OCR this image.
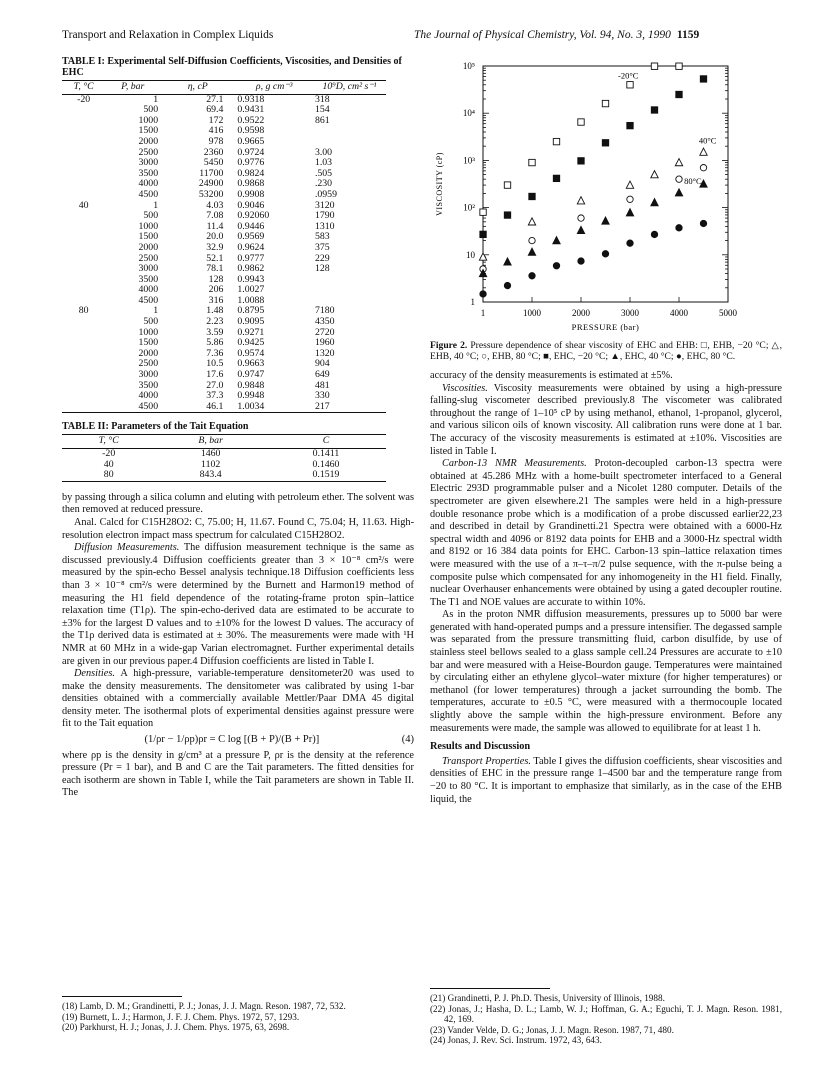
Transport and Relaxation in Complex Liquids	The Journal of Physical Chemistry, Vol. 94, No. 3, 1990 1159
TABLE I: Experimental Self-Diffusion Coefficients, Viscosities, and Densities of EHC
T, °C	P, bar	η, cP	ρ, g cm⁻³	10⁹D, cm² s⁻¹
-20	1	27.1	0.9318	318
	500	69.4	0.9431	154
	1000	172	0.9522	861
	1500	416	0.9598	
	2000	978	0.9665	
	2500	2360	0.9724	3.00
	3000	5450	0.9776	1.03
	3500	11700	0.9824	.505
	4000	24900	0.9868	.230
	4500	53200	0.9908	.0959
40	1	4.03	0.9046	3120
	500	7.08	0.92060	1790
	1000	11.4	0.9446	1310
	1500	20.0	0.9569	583
	2000	32.9	0.9624	375
	2500	52.1	0.9777	229
	3000	78.1	0.9862	128
	3500	128	0.9943	
	4000	206	1.0027	
	4500	316	1.0088	
80	1	1.48	0.8795	7180
	500	2.23	0.9095	4350
	1000	3.59	0.9271	2720
	1500	5.86	0.9425	1960
	2000	7.36	0.9574	1320
	2500	10.5	0.9663	904
	3000	17.6	0.9747	649
	3500	27.0	0.9848	481
	4000	37.3	0.9948	330
	4500	46.1	1.0034	217
TABLE II: Parameters of the Tait Equation
T, °C	B, bar	C
-20	1460	0.1411
40	1102	0.1460
80	843.4	0.1519

by passing through a silica column and eluting with petroleum ether. The solvent was then removed at reduced pressure.

Anal. Calcd for C15H28O2: C, 75.00; H, 11.67. Found C, 75.04; H, 11.63. High-resolution electron impact mass spectrum for calculated C15H28O2.

Diffusion Measurements. The diffusion measurement technique is the same as discussed previously.4 Diffusion coefficients greater than 3 × 10⁻⁸ cm²/s were measured by the spin-echo Bessel analysis technique.18 Diffusion coefficients less than 3 × 10⁻⁸ cm²/s were determined by the Burnett and Harmon19 method of measuring the H1 field dependence of the rotating-frame proton spin–lattice relaxation time (T1ρ). The spin-echo-derived data are estimated to be accurate to ±3% for the largest D values and to ±10% for the lowest D values. The accuracy of the T1ρ derived data is estimated at ± 30%. The measurements were made with ¹H NMR at 60 MHz in a wide-gap Varian electromagnet. Further experimental details are given in our previous paper.4 Diffusion coefficients are listed in Table I.

Densities. A high-pressure, variable-temperature densitometer20 was used to make the density measurements. The densitometer was calibrated by using 1-bar densities obtained with a commercially available Mettler/Paar DMA 45 digital density meter. The isothermal plots of experimental densities against pressure were fit to the Tait equation

(1/ρr − 1/ρp)ρr = C log [(B + P)/(B + Pr)]	(4)

where ρp is the density in g/cm³ at a pressure P, ρr is the density at the reference pressure (Pr = 1 bar), and B and C are the Tait parameters. The fitted densities for each isotherm are shown in Table I, while the Tait parameters are shown in Table II. The

(18) Lamb, D. M.; Grandinetti, P. J.; Jonas, J. J. Magn. Reson. 1987, 72, 532.

(19) Burnett, L. J.; Harmon, J. F. J. Chem. Phys. 1972, 57, 1293.

(20) Parkhurst, H. J.; Jonas, J. J. Chem. Phys. 1975, 63, 2698.

1
10
10²
10³
10⁴
10⁵
1	1000	2000	3000	4000	5000
PRESSURE (bar)
VISCOSITY (cP)
-20°C
40°C
80°C
Figure 2. Pressure dependence of shear viscosity of EHC and EHB: □, EHB, −20 °C; △, EHB, 40 °C; ○, EHB, 80 °C; ■, EHC, −20 °C; ▲, EHC, 40 °C; ●, EHC, 80 °C.

accuracy of the density measurements is estimated at ±5%.

Viscosities. Viscosity measurements were obtained by using a high-pressure falling-slug viscometer described previously.8 The viscometer was calibrated throughout the range of 1–10⁵ cP by using methanol, ethanol, 1-propanol, glycerol, and various silicon oils of known viscosity. All calibration runs were done at 1 bar. The accuracy of the viscosity measurements is estimated at ±10%. Viscosities are listed in Table I.

Carbon-13 NMR Measurements. Proton-decoupled carbon-13 spectra were obtained at 45.286 MHz with a home-built spectrometer interfaced to a General Electric 293D programmable pulser and a Nicolet 1280 computer. Details of the spectrometer are given elsewhere.21 The samples were held in a high-pressure double resonance probe which is a modification of a probe discussed earlier22,23 and described in detail by Grandinetti.21 Spectra were obtained with a 6000-Hz spectral width and 4096 or 8192 data points for EHB and a 3000-Hz spectral width and 8192 or 16 384 data points for EHC. Carbon-13 spin–lattice relaxation times were measured with the use of a π–τ–π/2 pulse sequence, with the π-pulse being a composite pulse which compensated for any inhomogeneity in the H1 field. Finally, nuclear Overhauser enhancements were obtained by using a gated decoupler routine. The T1 and NOE values are accurate to within 10%.

As in the proton NMR diffusion measurements, pressures up to 5000 bar were generated with hand-operated pumps and a pressure intensifier. The degassed sample was separated from the pressure transmitting fluid, carbon disulfide, by use of stainless steel bellows sealed to a glass sample cell.24 Pressures are accurate to ±10 bar and were measured with a Heise-Bourdon gauge. Temperatures were maintained by circulating either an ethylene glycol–water mixture (for higher temperatures) or methanol (for lower temperatures) through a jacket surrounding the bomb. The temperatures, accurate to ±0.5 °C, were measured with a thermocouple located slightly above the sample within the high-pressure environment. Before any measurements were made, the sample was allowed to equilibrate for at least 1 h.

Results and Discussion

Transport Properties. Table I gives the diffusion coefficients, shear viscosities and densities of EHC in the pressure range 1–4500 bar and the temperature range from −20 to 80 °C. It is important to emphasize that similarly, as in the case of the EHB liquid, the

(21) Grandinetti, P. J. Ph.D. Thesis, University of Illinois, 1988.

(22) Jonas, J.; Hasha, D. L.; Lamb, W. J.; Hoffman, G. A.; Eguchi, T. J. Magn. Reson. 1981, 42, 169.

(23) Vander Velde, D. G.; Jonas, J. J. Magn. Reson. 1987, 71, 480.

(24) Jonas, J. Rev. Sci. Instrum. 1972, 43, 643.
